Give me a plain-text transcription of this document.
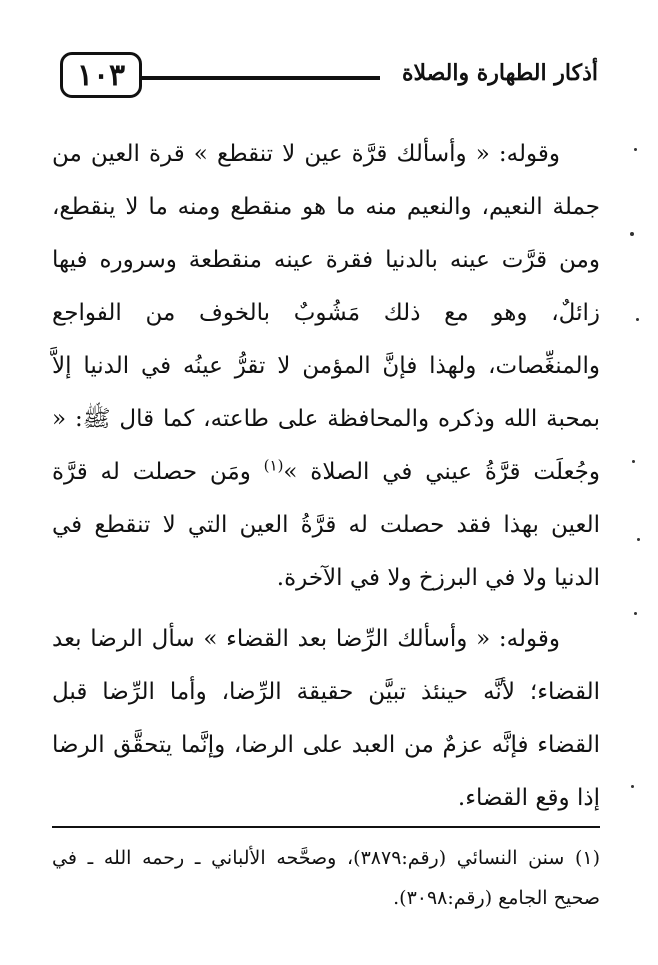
١٠٣	أذكار الطهارة والصلاة

وقوله: « وأسألك قرَّة عين لا تنقطع » قرة العين من جملة النعيم، والنعيم منه ما هو منقطع ومنه ما لا ينقطع، ومن قرَّت عينه بالدنيا فقرة عينه منقطعة وسروره فيها زائلٌ، وهو مع ذلك مَشُوبٌ بالخوف من الفواجع والمنغِّصات، ولهذا فإنَّ المؤمن لا تقرُّ عينُه في الدنيا إلاَّ بمحبة الله وذكره والمحافظة على طاعته، كما قال ﷺ: « وجُعلَت قرَّةُ عيني في الصلاة »$^{(١)}$ ومَن حصلت له قرَّة العين بهذا فقد حصلت له قرَّةُ العين التي لا تنقطع في الدنيا ولا في البرزخ ولا في الآخرة.

وقوله: « وأسألك الرِّضا بعد القضاء » سأل الرضا بعد القضاء؛ لأنَّه حينئذ تبيَّن حقيقة الرِّضا، وأما الرِّضا قبل القضاء فإنَّه عزمٌ من العبد على الرضا، وإنَّما يتحقَّق الرضا إذا وقع القضاء.

(١) سنن النسائي (رقم:٣٨٧٩)، وصحَّحه الألباني ـ رحمه الله ـ في صحيح الجامع (رقم:٣٠٩٨).
